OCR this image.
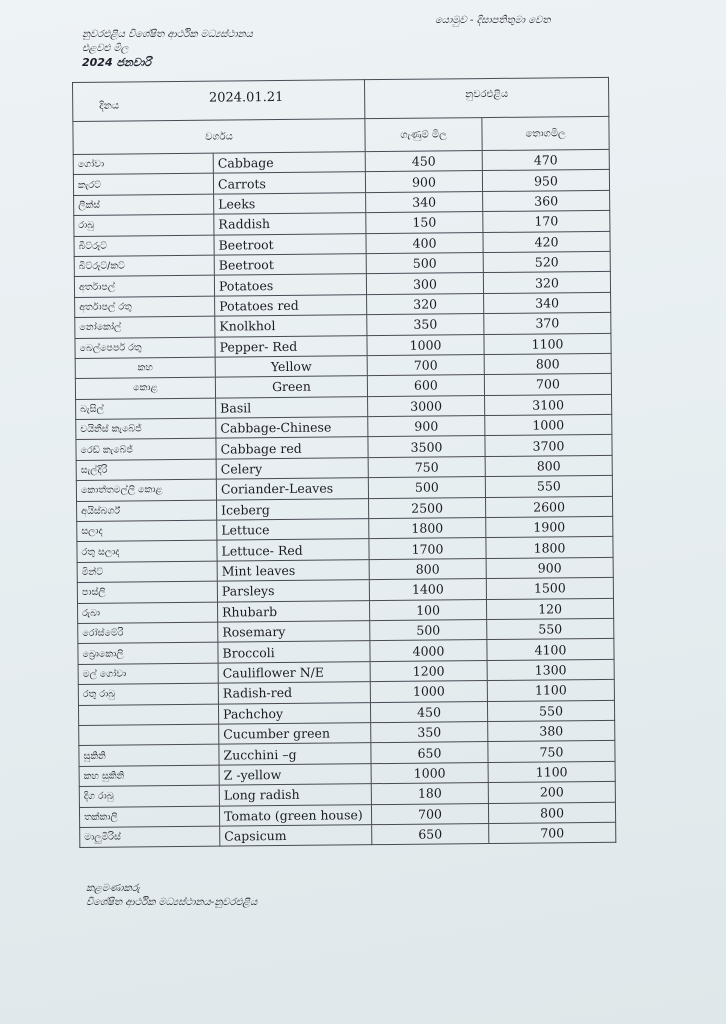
නුවරඑළිය විශේෂිත ආර්ථික මධ්‍යස්ථානය
එළවළු මිල
2024 ජනවාරි
යොමුව - දිසාපතිතුමා වෙත
දිනය
2024.01.21		නුවරඑළිය	
වර්ගය		ගැණුම් මිල	තොගමිල
ගෝවා	Cabbage	450	470
කැරට්	Carrots	900	950
ලීක්ස්	Leeks	340	360
රාබු	Raddish	150	170
බීට්රූට්	Beetroot	400	420
බීට්රූට්/කට්	Beetroot	500	520
අර්තාපල්	Potatoes	300	320
අර්තාපල් රතු	Potatoes red	320	340
නෝකෝල්	Knolkhol	350	370
බෙල්පෙපර් රතු	Pepper- Red	1000	1100
කහ	Yellow	700	800
කොළ	Green	600	700
බැසිල්	Basil	3000	3100
චයිනීස් කැබේජ්	Cabbage-Chinese	900	1000
රෙඩ් කැබේජ්	Cabbage red	3500	3700
සැල්දිරි	Celery	750	800
කොත්තමල්ලි කොළ	Coriander-Leaves	500	550
අයිස්බර්ග්	Iceberg	2500	2600
සලාද	Lettuce	1800	1900
රතු සලාද	Lettuce- Red	1700	1800
මින්ට්	Mint leaves	800	900
පාස්ලි	Parsleys	1400	1500
රුබා	Rhubarb	100	120
රෝස්මේරි	Rosemary	500	550
බ්‍රොකොලි	Broccoli	4000	4100
මල් ගෝවා	Cauliflower N/E	1200	1300
රතු රාබු	Radish-red	1000	1100
	Pachchoy	450	550
	Cucumber green	350	380
සුකිනි	Zucchini –g	650	750
කහ සුකිනි	Z -yellow	1000	1100
දිග රාබු	Long radish	180	200
තක්කාලි	Tomato (green house)	700	800
මාලුමිරිස්	Capsicum	650	700
කළමණාකරු
විශේෂිත ආර්ථික මධ්‍යස්ථානය-නුවරඑළිය
